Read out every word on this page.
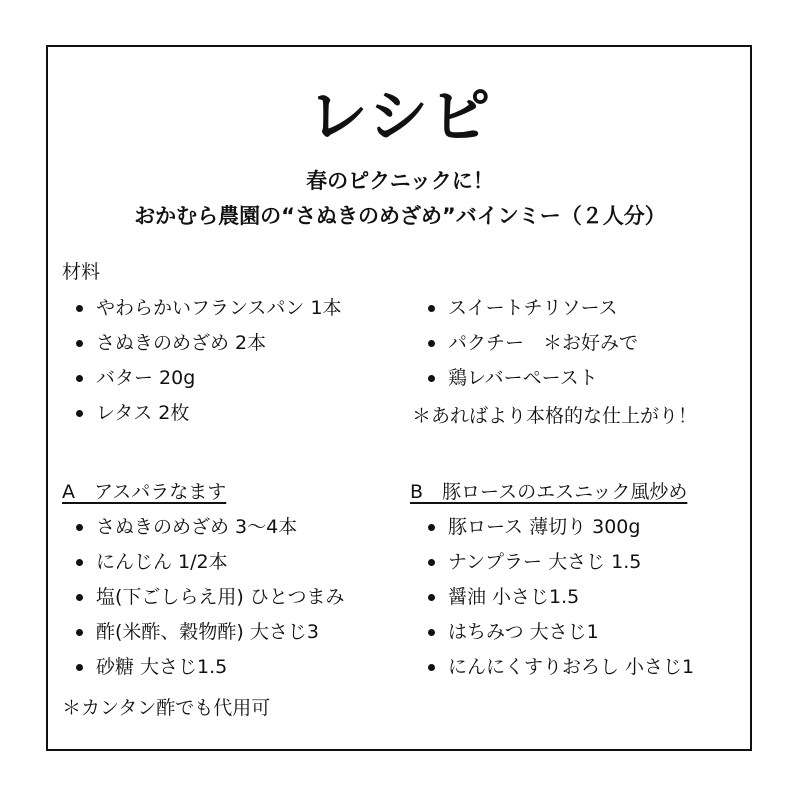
レシピ
春のピクニックに！
おかむら農園の“さぬきのめざめ”バインミー（２人分）
材料
やわらかいフランスパン 1本
さぬきのめざめ 2本
バター 20g
レタス 2枚
スイートチリソース
パクチー　＊お好みで
鶏レバーペースト
＊あればより本格的な仕上がり！
A　アスパラなます
さぬきのめざめ 3〜4本
にんじん 1/2本
塩(下ごしらえ用) ひとつまみ
酢(米酢、穀物酢) 大さじ3
砂糖 大さじ1.5
＊カンタン酢でも代用可
B　豚ロースのエスニック風炒め
豚ロース 薄切り 300g
ナンプラー 大さじ 1.5
醤油 小さじ1.5
はちみつ 大さじ1
にんにくすりおろし 小さじ1
